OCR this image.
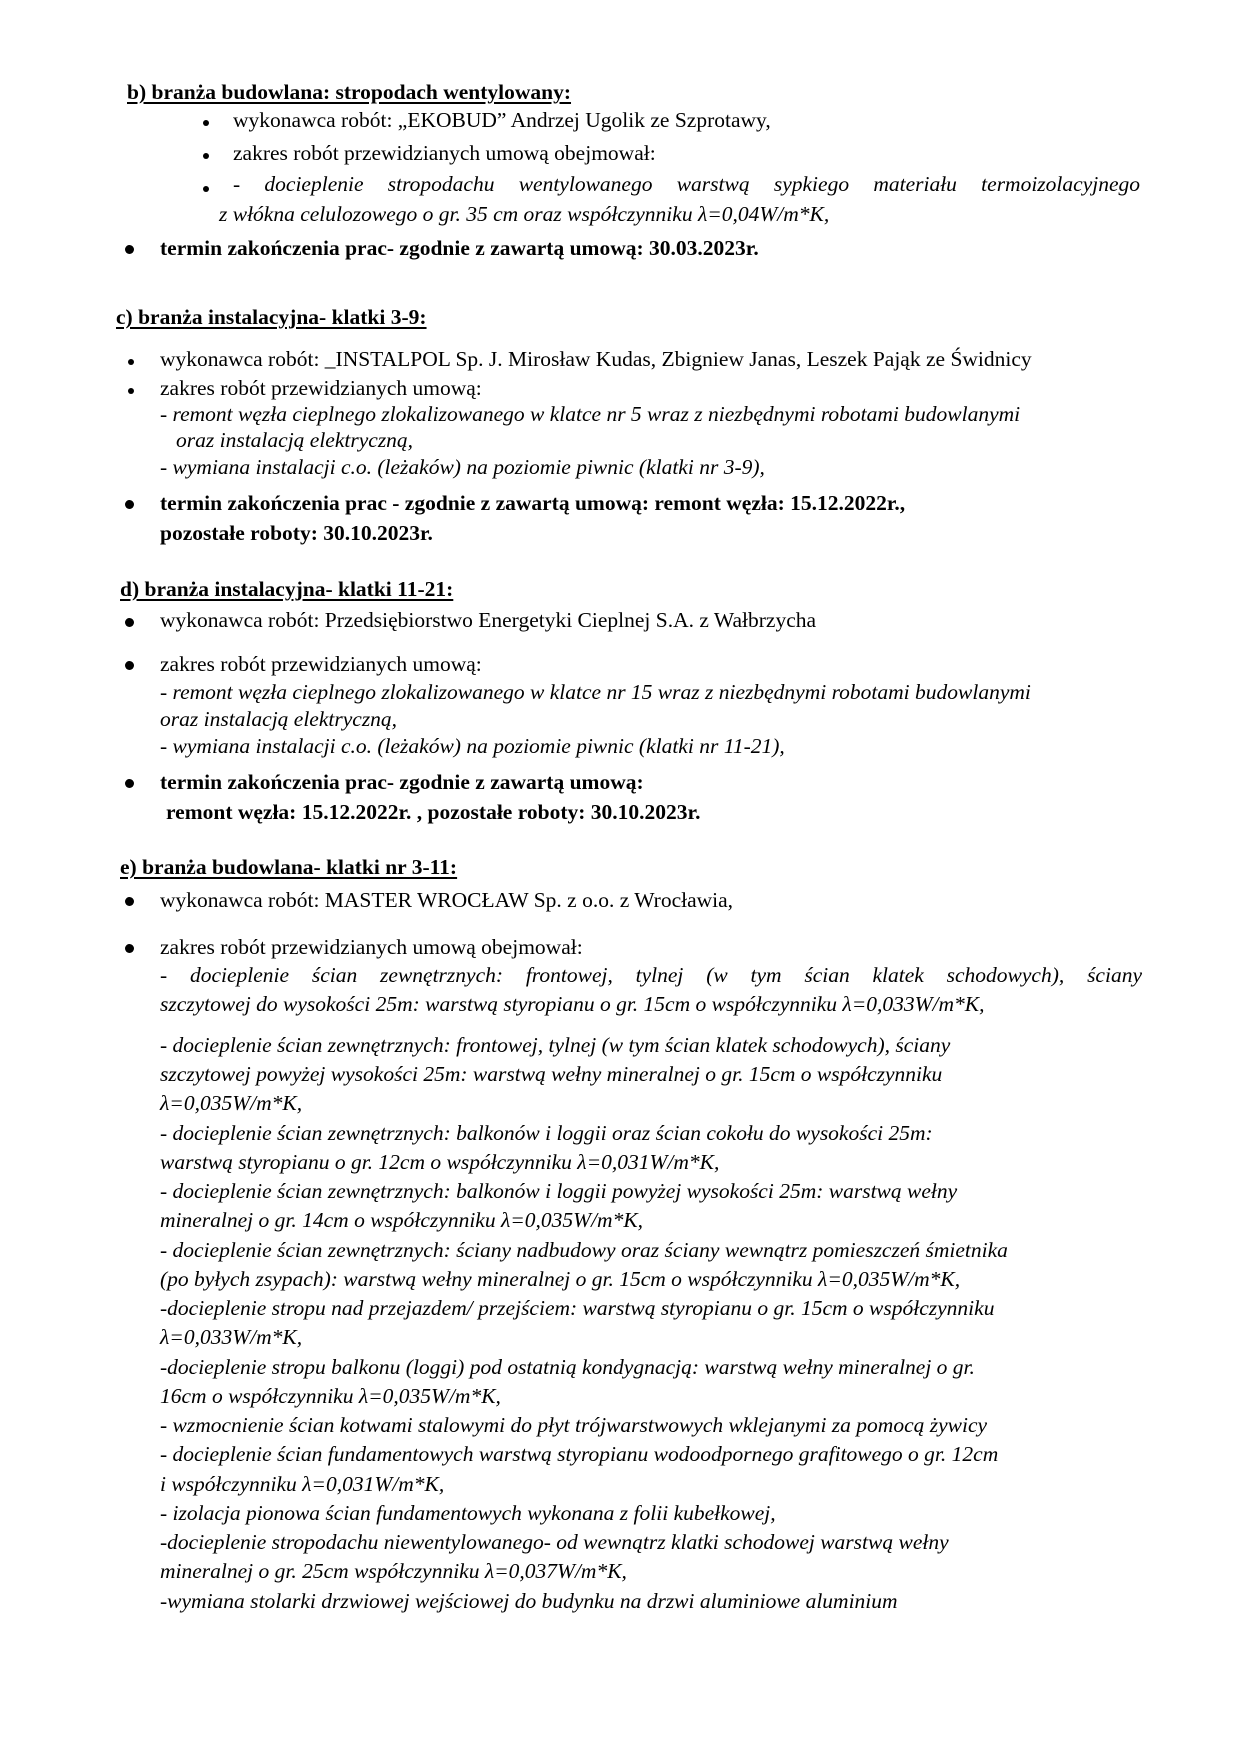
b) branża budowlana: stropodach wentylowany:
wykonawca robót: „EKOBUD” Andrzej Ugolik ze Szprotawy,
zakres robót przewidzianych umową obejmował:
- docieplenie stropodachu wentylowanego warstwą sypkiego materiału termoizolacyjnego
z włókna celulozowego o gr. 35 cm oraz współczynniku λ=0,04W/m*K,
termin zakończenia prac- zgodnie z zawartą umową: 30.03.2023r.
c) branża instalacyjna- klatki 3-9:
wykonawca robót: _INSTALPOL Sp. J. Mirosław Kudas, Zbigniew Janas, Leszek Pająk ze Świdnicy
zakres robót przewidzianych umową:
- remont węzła cieplnego zlokalizowanego w klatce nr 5 wraz z niezbędnymi robotami budowlanymi
oraz instalacją elektryczną,
- wymiana instalacji c.o. (leżaków) na poziomie piwnic (klatki nr 3-9),
termin zakończenia prac - zgodnie z zawartą umową: remont węzła: 15.12.2022r.,
pozostałe roboty: 30.10.2023r.
d) branża instalacyjna- klatki 11-21:
wykonawca robót: Przedsiębiorstwo Energetyki Cieplnej S.A. z Wałbrzycha
zakres robót przewidzianych umową:
- remont węzła cieplnego zlokalizowanego w klatce nr 15 wraz z niezbędnymi robotami budowlanymi
oraz instalacją elektryczną,
- wymiana instalacji c.o. (leżaków) na poziomie piwnic (klatki nr 11-21),
termin zakończenia prac- zgodnie z zawartą umową:
remont węzła: 15.12.2022r. , pozostałe roboty: 30.10.2023r.
e) branża budowlana- klatki nr 3-11:
wykonawca robót: MASTER WROCŁAW Sp. z o.o. z Wrocławia,
zakres robót przewidzianych umową obejmował:
- docieplenie ścian zewnętrznych: frontowej, tylnej (w tym ścian klatek schodowych), ściany
szczytowej do wysokości 25m: warstwą styropianu o gr. 15cm o współczynniku λ=0,033W/m*K,
- docieplenie ścian zewnętrznych: frontowej, tylnej (w tym ścian klatek schodowych), ściany
szczytowej powyżej wysokości 25m: warstwą wełny mineralnej o gr. 15cm o współczynniku
λ=0,035W/m*K,
- docieplenie ścian zewnętrznych: balkonów i loggii oraz ścian cokołu do wysokości 25m:
warstwą styropianu o gr. 12cm o współczynniku λ=0,031W/m*K,
- docieplenie ścian zewnętrznych: balkonów i loggii powyżej wysokości 25m: warstwą wełny
mineralnej o gr. 14cm o współczynniku λ=0,035W/m*K,
- docieplenie ścian zewnętrznych: ściany nadbudowy oraz ściany wewnątrz pomieszczeń śmietnika
(po byłych zsypach): warstwą wełny mineralnej o gr. 15cm o współczynniku λ=0,035W/m*K,
-docieplenie stropu nad przejazdem/ przejściem: warstwą styropianu o gr. 15cm o współczynniku
λ=0,033W/m*K,
-docieplenie stropu balkonu (loggi) pod ostatnią kondygnacją: warstwą wełny mineralnej o gr.
16cm o współczynniku λ=0,035W/m*K,
- wzmocnienie ścian kotwami stalowymi do płyt trójwarstwowych wklejanymi za pomocą żywicy
- docieplenie ścian fundamentowych warstwą styropianu wodoodpornego grafitowego o gr. 12cm
i współczynniku λ=0,031W/m*K,
- izolacja pionowa ścian fundamentowych wykonana z folii kubełkowej,
-docieplenie stropodachu niewentylowanego- od wewnątrz klatki schodowej warstwą wełny
mineralnej o gr. 25cm współczynniku λ=0,037W/m*K,
-wymiana stolarki drzwiowej wejściowej do budynku na drzwi aluminiowe aluminium
